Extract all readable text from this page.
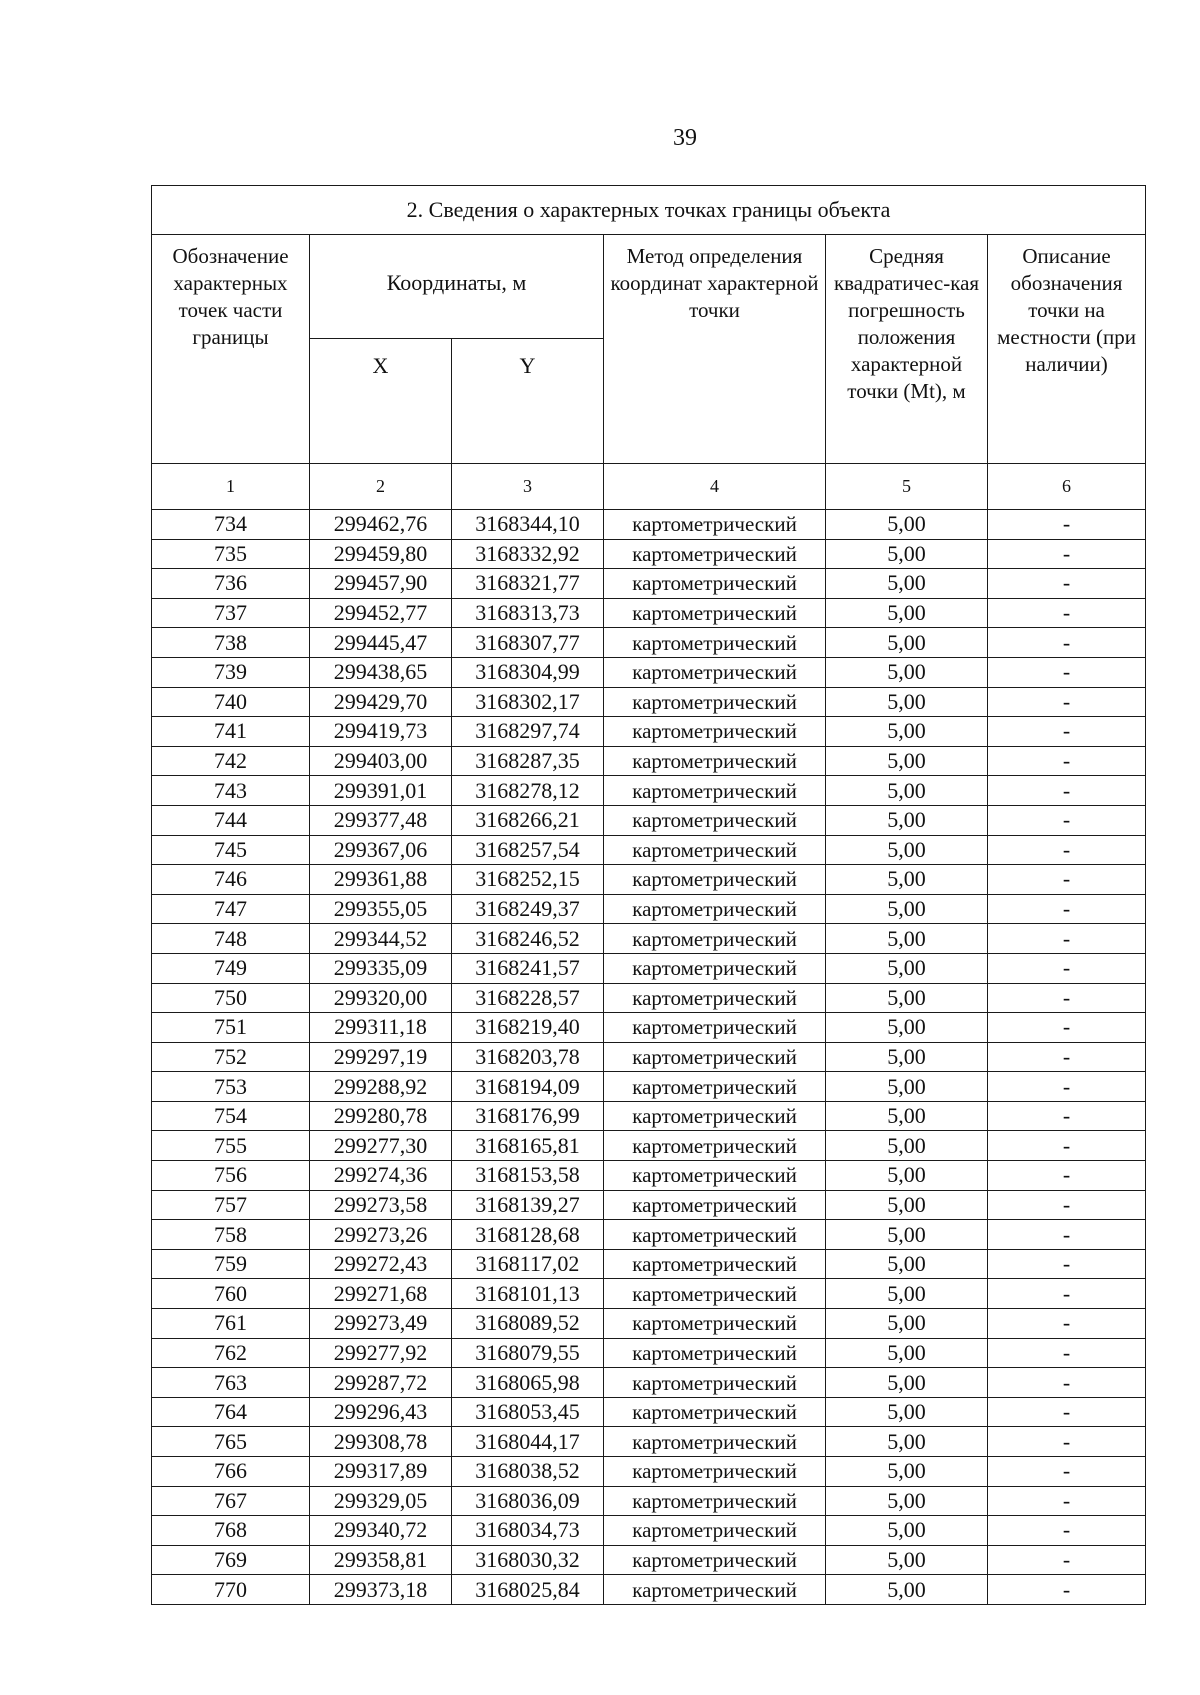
39
2. Сведения о характерных точках границы объекта					
Обозначение характерных точек части границы	Координаты, м		Метод определения координат характерной точки	Средняя квадратичес-кая погрешность положения характерной точки (Mt), м	Описание обозначения точки на местности (при наличии)
	X	Y			
1	2	3	4	5	6
734	299462,76	3168344,10	картометрический	5,00	-
735	299459,80	3168332,92	картометрический	5,00	-
736	299457,90	3168321,77	картометрический	5,00	-
737	299452,77	3168313,73	картометрический	5,00	-
738	299445,47	3168307,77	картометрический	5,00	-
739	299438,65	3168304,99	картометрический	5,00	-
740	299429,70	3168302,17	картометрический	5,00	-
741	299419,73	3168297,74	картометрический	5,00	-
742	299403,00	3168287,35	картометрический	5,00	-
743	299391,01	3168278,12	картометрический	5,00	-
744	299377,48	3168266,21	картометрический	5,00	-
745	299367,06	3168257,54	картометрический	5,00	-
746	299361,88	3168252,15	картометрический	5,00	-
747	299355,05	3168249,37	картометрический	5,00	-
748	299344,52	3168246,52	картометрический	5,00	-
749	299335,09	3168241,57	картометрический	5,00	-
750	299320,00	3168228,57	картометрический	5,00	-
751	299311,18	3168219,40	картометрический	5,00	-
752	299297,19	3168203,78	картометрический	5,00	-
753	299288,92	3168194,09	картометрический	5,00	-
754	299280,78	3168176,99	картометрический	5,00	-
755	299277,30	3168165,81	картометрический	5,00	-
756	299274,36	3168153,58	картометрический	5,00	-
757	299273,58	3168139,27	картометрический	5,00	-
758	299273,26	3168128,68	картометрический	5,00	-
759	299272,43	3168117,02	картометрический	5,00	-
760	299271,68	3168101,13	картометрический	5,00	-
761	299273,49	3168089,52	картометрический	5,00	-
762	299277,92	3168079,55	картометрический	5,00	-
763	299287,72	3168065,98	картометрический	5,00	-
764	299296,43	3168053,45	картометрический	5,00	-
765	299308,78	3168044,17	картометрический	5,00	-
766	299317,89	3168038,52	картометрический	5,00	-
767	299329,05	3168036,09	картометрический	5,00	-
768	299340,72	3168034,73	картометрический	5,00	-
769	299358,81	3168030,32	картометрический	5,00	-
770	299373,18	3168025,84	картометрический	5,00	-
